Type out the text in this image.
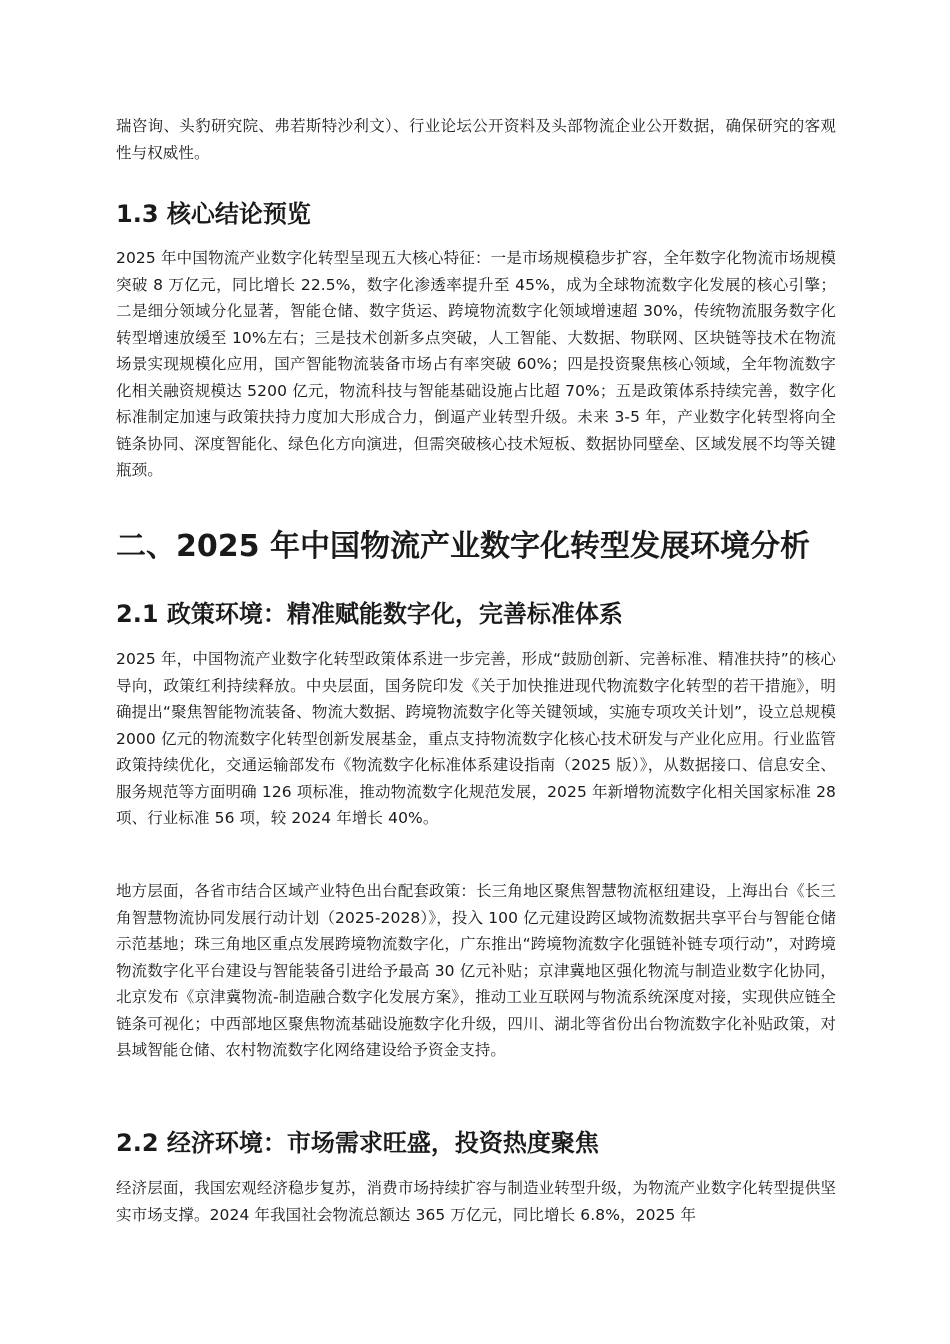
瑞咨询、头豹研究院、弗若斯特沙利文）、行业论坛公开资料及头部物流企业公开数据，确保研究的客观性与权威性。

1.3 核心结论预览

2025 年中国物流产业数字化转型呈现五大核心特征：一是市场规模稳步扩容，全年数字化物流市场规模突破 8 万亿元，同比增长 22.5%，数字化渗透率提升至 45%，成为全球物流数字化发展的核心引擎；二是细分领域分化显著，智能仓储、数字货运、跨境物流数字化领域增速超 30%，传统物流服务数字化转型增速放缓至 10%左右；三是技术创新多点突破，人工智能、大数据、物联网、区块链等技术在物流场景实现规模化应用，国产智能物流装备市场占有率突破 60%；四是投资聚焦核心领域，全年物流数字化相关融资规模达 5200 亿元，物流科技与智能基础设施占比超 70%；五是政策体系持续完善，数字化标准制定加速与政策扶持力度加大形成合力，倒逼产业转型升级。未来 3-5 年，产业数字化转型将向全链条协同、深度智能化、绿色化方向演进，但需突破核心技术短板、数据协同壁垒、区域发展不均等关键瓶颈。

二、2025 年中国物流产业数字化转型发展环境分析
2.1 政策环境：精准赋能数字化，完善标准体系

2025 年，中国物流产业数字化转型政策体系进一步完善，形成“鼓励创新、完善标准、精准扶持”的核心导向，政策红利持续释放。中央层面，国务院印发《关于加快推进现代物流数字化转型的若干措施》，明确提出“聚焦智能物流装备、物流大数据、跨境物流数字化等关键领域，实施专项攻关计划”，设立总规模 2000 亿元的物流数字化转型创新发展基金，重点支持物流数字化核心技术研发与产业化应用。行业监管政策持续优化，交通运输部发布《物流数字化标准体系建设指南（2025 版）》，从数据接口、信息安全、服务规范等方面明确 126 项标准，推动物流数字化规范发展，2025 年新增物流数字化相关国家标准 28 项、行业标准 56 项，较 2024 年增长 40%。

地方层面，各省市结合区域产业特色出台配套政策：长三角地区聚焦智慧物流枢纽建设，上海出台《长三角智慧物流协同发展行动计划（2025-2028）》，投入 100 亿元建设跨区域物流数据共享平台与智能仓储示范基地；珠三角地区重点发展跨境物流数字化，广东推出“跨境物流数字化强链补链专项行动”，对跨境物流数字化平台建设与智能装备引进给予最高 30 亿元补贴；京津冀地区强化物流与制造业数字化协同，北京发布《京津冀物流-制造融合数字化发展方案》，推动工业互联网与物流系统深度对接，实现供应链全链条可视化；中西部地区聚焦物流基础设施数字化升级，四川、湖北等省份出台物流数字化补贴政策，对县域智能仓储、农村物流数字化网络建设给予资金支持。

2.2 经济环境：市场需求旺盛，投资热度聚焦

经济层面，我国宏观经济稳步复苏，消费市场持续扩容与制造业转型升级，为物流产业数字化转型提供坚实市场支撑。2024 年我国社会物流总额达 365 万亿元，同比增长 6.8%，2025 年
